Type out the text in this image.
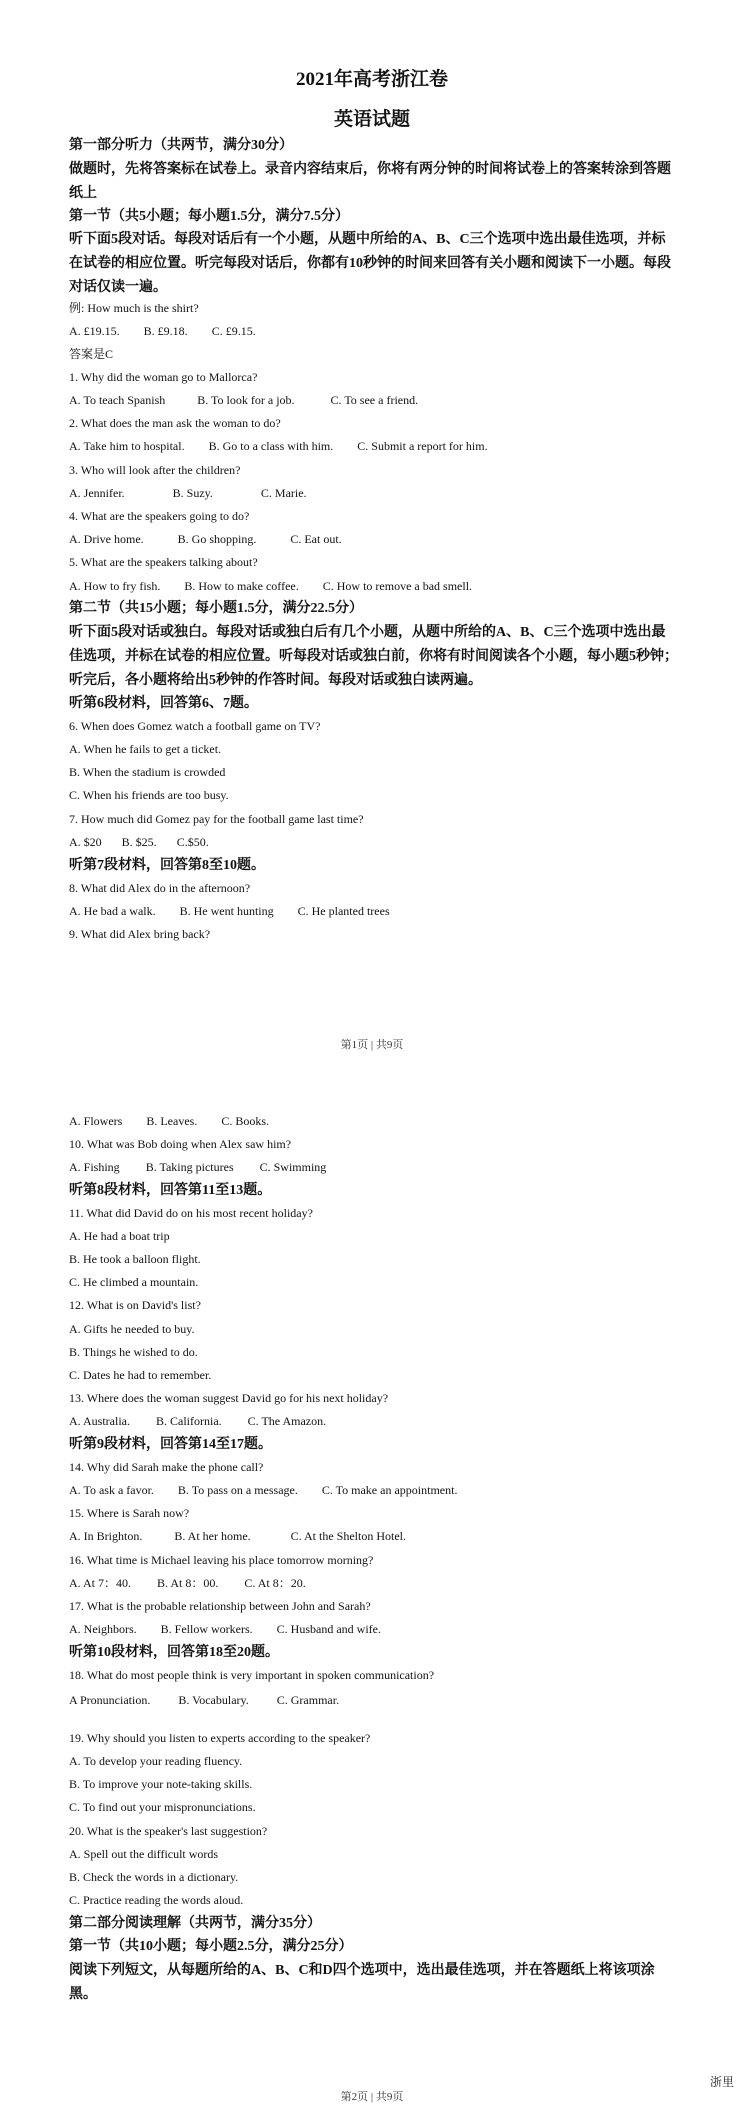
2021年高考浙江卷
英语试题
第一部分听力（共两节，满分30分）
做题时，先将答案标在试卷上。录音内容结束后，你将有两分钟的时间将试卷上的答案转涂到答题纸上
第一节（共5小题；每小题1.5分，满分7.5分）
听下面5段对话。每段对话后有一个小题，从题中所给的A、B、C三个选项中选出最佳选项，并标在试卷的相应位置。听完每段对话后，你都有10秒钟的时间来回答有关小题和阅读下一小题。每段对话仅读一遍。
例: How much is the shirt?
A. £19.15. B. £9.18. C. £9.15.
答案是C
1. Why did the woman go to Mallorca?
A. To teach Spanish	B. To look for a job.	C. To see a friend.
2. What does the man ask the woman to do?
A. Take him to hospital. B. Go to a class with him. C. Submit a report for him.
3. Who will look after the children?
A. Jennifer.	B. Suzy.	C. Marie.
4. What are the speakers going to do?
A. Drive home.	B. Go shopping.	C. Eat out.
5. What are the speakers talking about?
A. How to fry fish. B. How to make coffee. C. How to remove a bad smell.
第二节（共15小题；每小题1.5分，满分22.5分）
听下面5段对话或独白。每段对话或独白后有几个小题，从题中所给的A、B、C三个选项中选出最佳选项，并标在试卷的相应位置。听每段对话或独白前，你将有时间阅读各个小题，每小题5秒钟；听完后，各小题将给出5秒钟的作答时间。每段对话或独白读两遍。
听第6段材料，回答第6、7题。
6. When does Gomez watch a football game on TV?
A. When he fails to get a ticket.
B. When the stadium is crowded
C. When his friends are too busy.
7. How much did Gomez pay for the football game last time?
A. $20 B. $25. C.$50.
听第7段材料，回答第8至10题。
8. What did Alex do in the afternoon?
A. He bad a walk. B. He went hunting C. He planted trees
9. What did Alex bring back?
第1页 | 共9页
A. Flowers B. Leaves. C. Books.
10. What was Bob doing when Alex saw him?
A. Fishing B. Taking pictures C. Swimming
听第8段材料，回答第11至13题。
11. What did David do on his most recent holiday?
A. He had a boat trip
B. He took a balloon flight.
C. He climbed a mountain.
12. What is on David's list?
A. Gifts he needed to buy.
B. Things he wished to do.
C. Dates he had to remember.
13. Where does the woman suggest David go for his next holiday?
A. Australia. B. California. C. The Amazon.
听第9段材料，回答第14至17题。
14. Why did Sarah make the phone call?
A. To ask a favor. B. To pass on a message. C. To make an appointment.
15. Where is Sarah now?
A. In Brighton.	B. At her home.	C. At the Shelton Hotel.
16. What time is Michael leaving his place tomorrow morning?
A. At 7：40. B. At 8：00. C. At 8：20.
17. What is the probable relationship between John and Sarah?
A. Neighbors. B. Fellow workers. C. Husband and wife.
听第10段材料，回答第18至20题。
18. What do most people think is very important in spoken communication?
A Pronunciation. B. Vocabulary. C. Grammar.
19. Why should you listen to experts according to the speaker?
A. To develop your reading fluency.
B. To improve your note-taking skills.
C. To find out your mispronunciations.
20. What is the speaker's last suggestion?
A. Spell out the difficult words
B. Check the words in a dictionary.
C. Practice reading the words aloud.
第二部分阅读理解（共两节，满分35分）
第一节（共10小题；每小题2.5分，满分25分）
阅读下列短文，从每题所给的A、B、C和D四个选项中，选出最佳选项，并在答题纸上将该项涂黑。
浙里
第2页 | 共9页
